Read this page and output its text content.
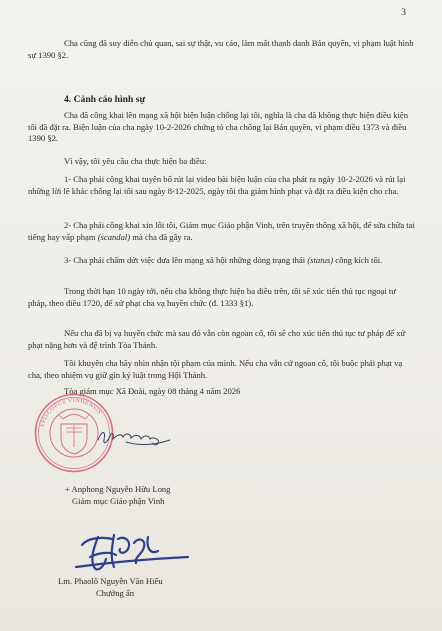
3
Cha cũng đã suy diễn chủ quan, sai sự thật, vu cáo, làm mất thanh danh Bản quyền, vi phạm luật hình sự 1390 §2.
4. Cảnh cáo hình sự
Cha đã công khai lên mạng xã hội biện luận chống lại tôi, nghĩa là cha đã không thực hiện điều kiện tôi đã đặt ra. Biện luận của cha ngày 10-2-2026 chứng tỏ cha chống lại Bản quyền, vi phạm điều 1373 và điều 1390 §2.
Vì vậy, tôi yêu cầu cha thực hiện ba điều:
1- Cha phải công khai tuyên bố rút lại video bài biện luận của cha phát ra ngày 10-2-2026 và rút lại những lời lẽ khác chống lại tôi sau ngày 8-12-2025, ngày tôi tha giảm hình phạt và đặt ra điều kiện cho cha.
2- Cha phải công khai xin lỗi tôi, Giám mục Giáo phận Vinh, trên truyền thông xã hội, để sửa chữa tai tiếng hay vấp phạm (scandal) mà cha đã gây ra.
3- Cha phải chấm dứt việc đưa lên mạng xã hội những dòng trạng thái (status) công kích tôi.
Trong thời hạn 10 ngày tới, nếu cha không thực hiện ba điều trên, tôi sẽ xúc tiến thủ tục ngoại tư pháp, theo điều 1720, để xử phạt cha vạ huyền chức (đ. 1333 §1).
Nếu cha đã bị vạ huyền chức mà sau đó vẫn còn ngoan cố, tôi sẽ cho xúc tiến thủ tục tư pháp để xử phạt nặng hơn và đệ trình Tòa Thánh.
Tôi khuyên cha hãy nhìn nhận tội phạm của mình. Nếu cha vẫn cứ ngoan cố, tôi buộc phải phạt vạ cha, theo nhiệm vụ giữ gìn kỷ luật trong Hội Thánh.
Tòa giám mục Xã Đoài, ngày 08 tháng 4 năm 2026
EPISCOPUS VINHENSIS
+ Anphong Nguyễn Hữu Long
Giám mục Giáo phận Vinh
Lm. Phaolô Nguyễn Văn Hiếu
Chưởng ấn
